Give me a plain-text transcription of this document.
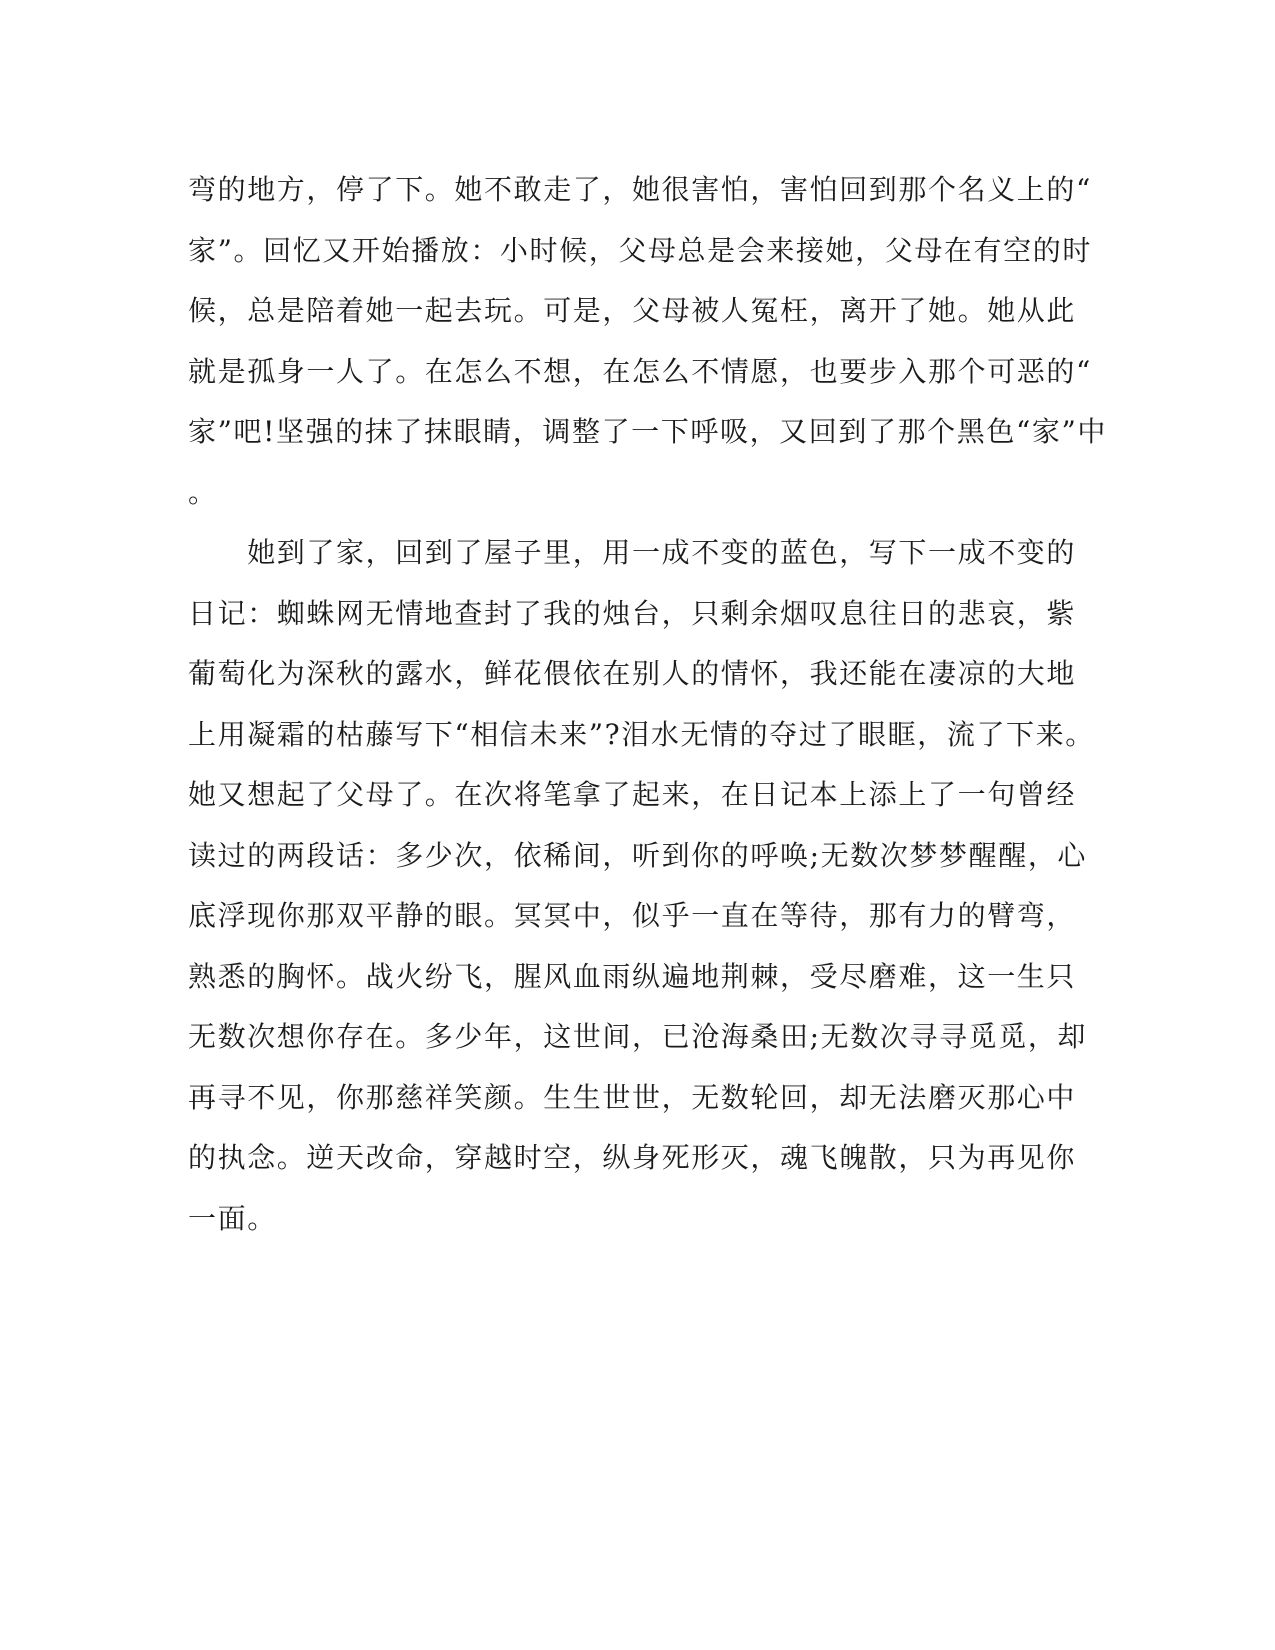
弯的地方，停了下。她不敢走了，她很害怕，害怕回到那个名义上的“
家”。回忆又开始播放：小时候，父母总是会来接她，父母在有空的时
候，总是陪着她一起去玩。可是，父母被人冤枉，离开了她。她从此
就是孤身一人了。在怎么不想，在怎么不情愿，也要步入那个可恶的“
家”吧!坚强的抹了抹眼睛，调整了一下呼吸，又回到了那个黑色“家”中
。
　　她到了家，回到了屋子里，用一成不变的蓝色，写下一成不变的
日记：蜘蛛网无情地查封了我的烛台，只剩余烟叹息往日的悲哀，紫
葡萄化为深秋的露水，鲜花偎依在别人的情怀，我还能在凄凉的大地
上用凝霜的枯藤写下“相信未来”?泪水无情的夺过了眼眶，流了下来。
她又想起了父母了。在次将笔拿了起来，在日记本上添上了一句曾经
读过的两段话：多少次，依稀间，听到你的呼唤;无数次梦梦醒醒，心
底浮现你那双平静的眼。冥冥中，似乎一直在等待，那有力的臂弯，
熟悉的胸怀。战火纷飞，腥风血雨纵遍地荆棘，受尽磨难，这一生只
无数次想你存在。多少年，这世间，已沧海桑田;无数次寻寻觅觅，却
再寻不见，你那慈祥笑颜。生生世世，无数轮回，却无法磨灭那心中
的执念。逆天改命，穿越时空，纵身死形灭，魂飞魄散，只为再见你
一面。
